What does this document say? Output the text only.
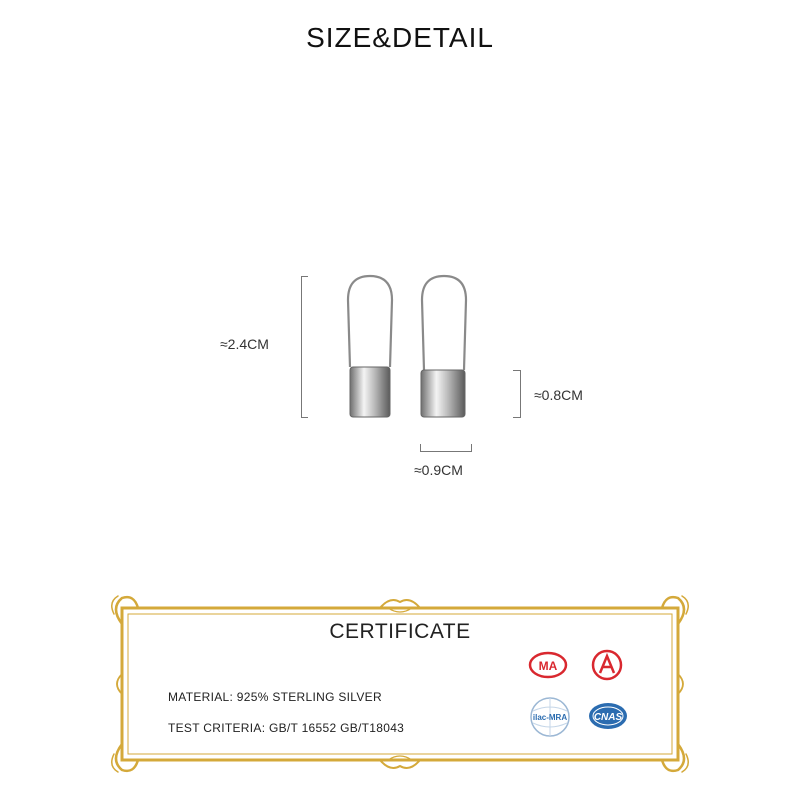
SIZE&DETAIL
≈2.4CM
≈0.8CM
≈0.9CM
CERTIFICATE
MATERIAL: 925% STERLING SILVER
TEST CRITERIA: GB/T 16552 GB/T18043
MA
ilac-MRA	CNAS
